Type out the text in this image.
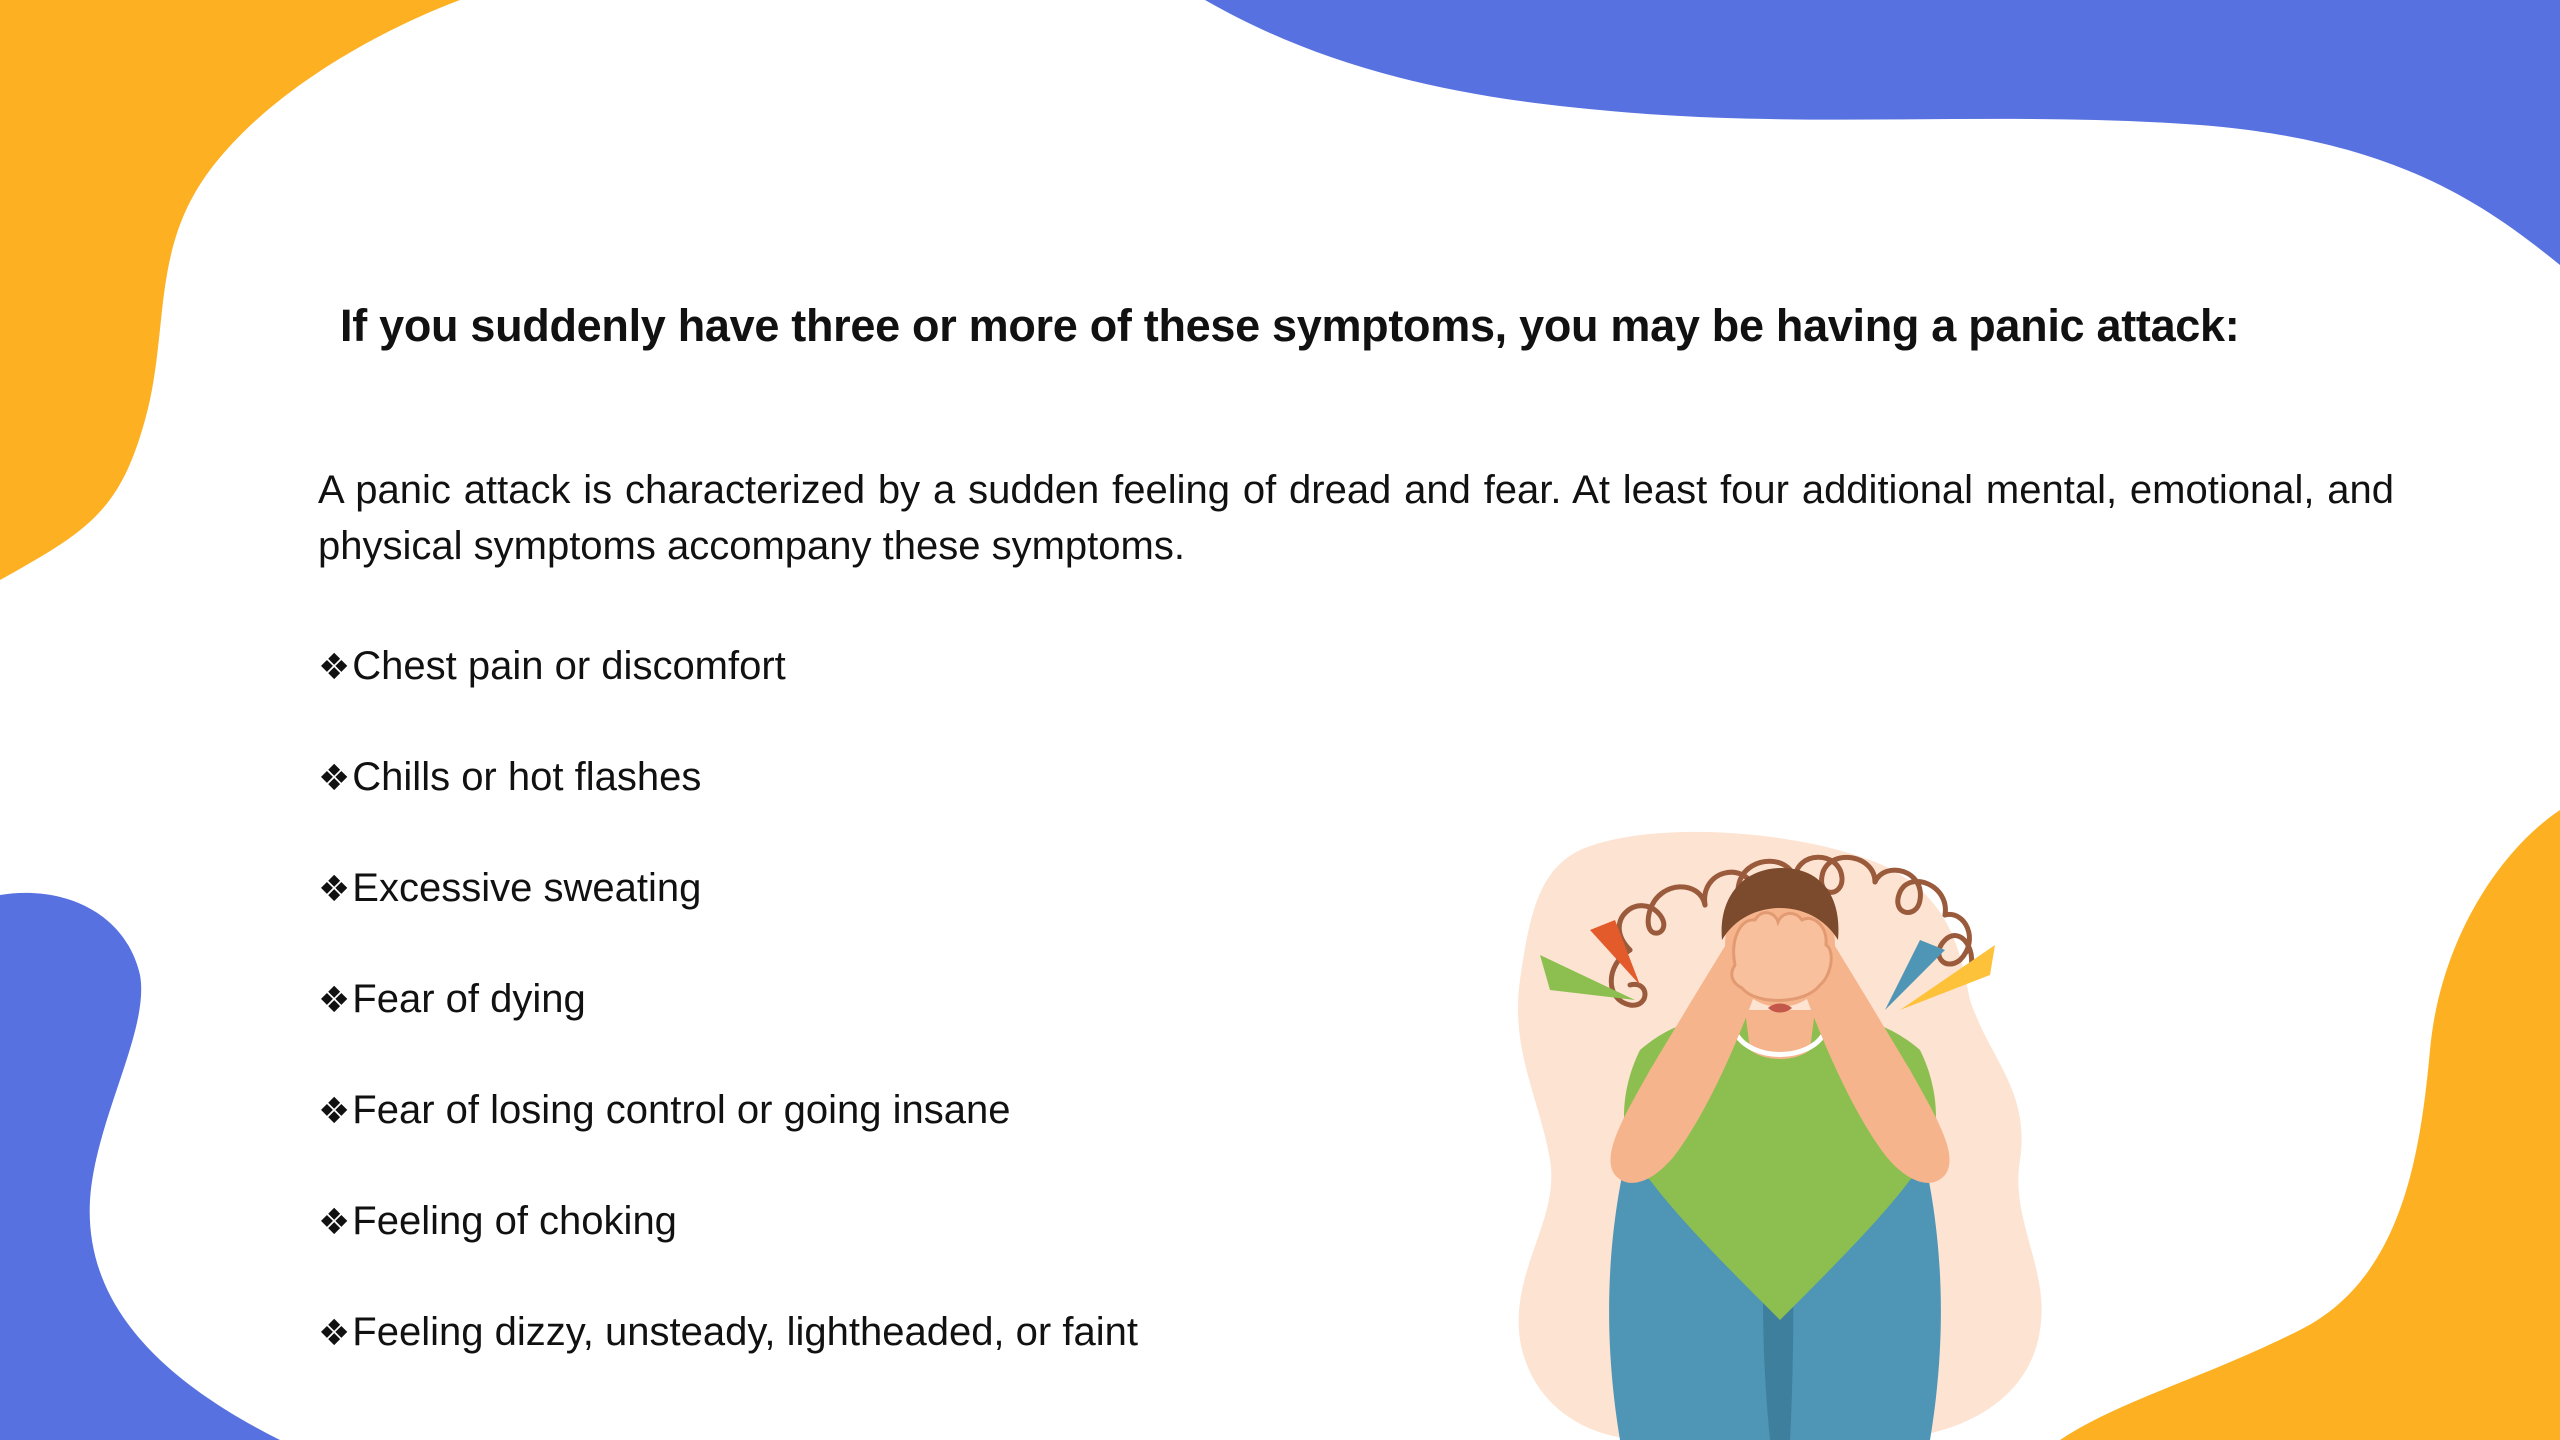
If you suddenly have three or more of these symptoms, you may be having a panic attack:

A panic attack is characterized by a sudden feeling of dread and fear. At least four additional mental, emotional, and physical symptoms accompany these symptoms.

❖Chest pain or discomfort
❖Chills or hot flashes
❖Excessive sweating
❖Fear of dying
❖Fear of losing control or going insane
❖Feeling of choking
❖Feeling dizzy, unsteady, lightheaded, or faint
